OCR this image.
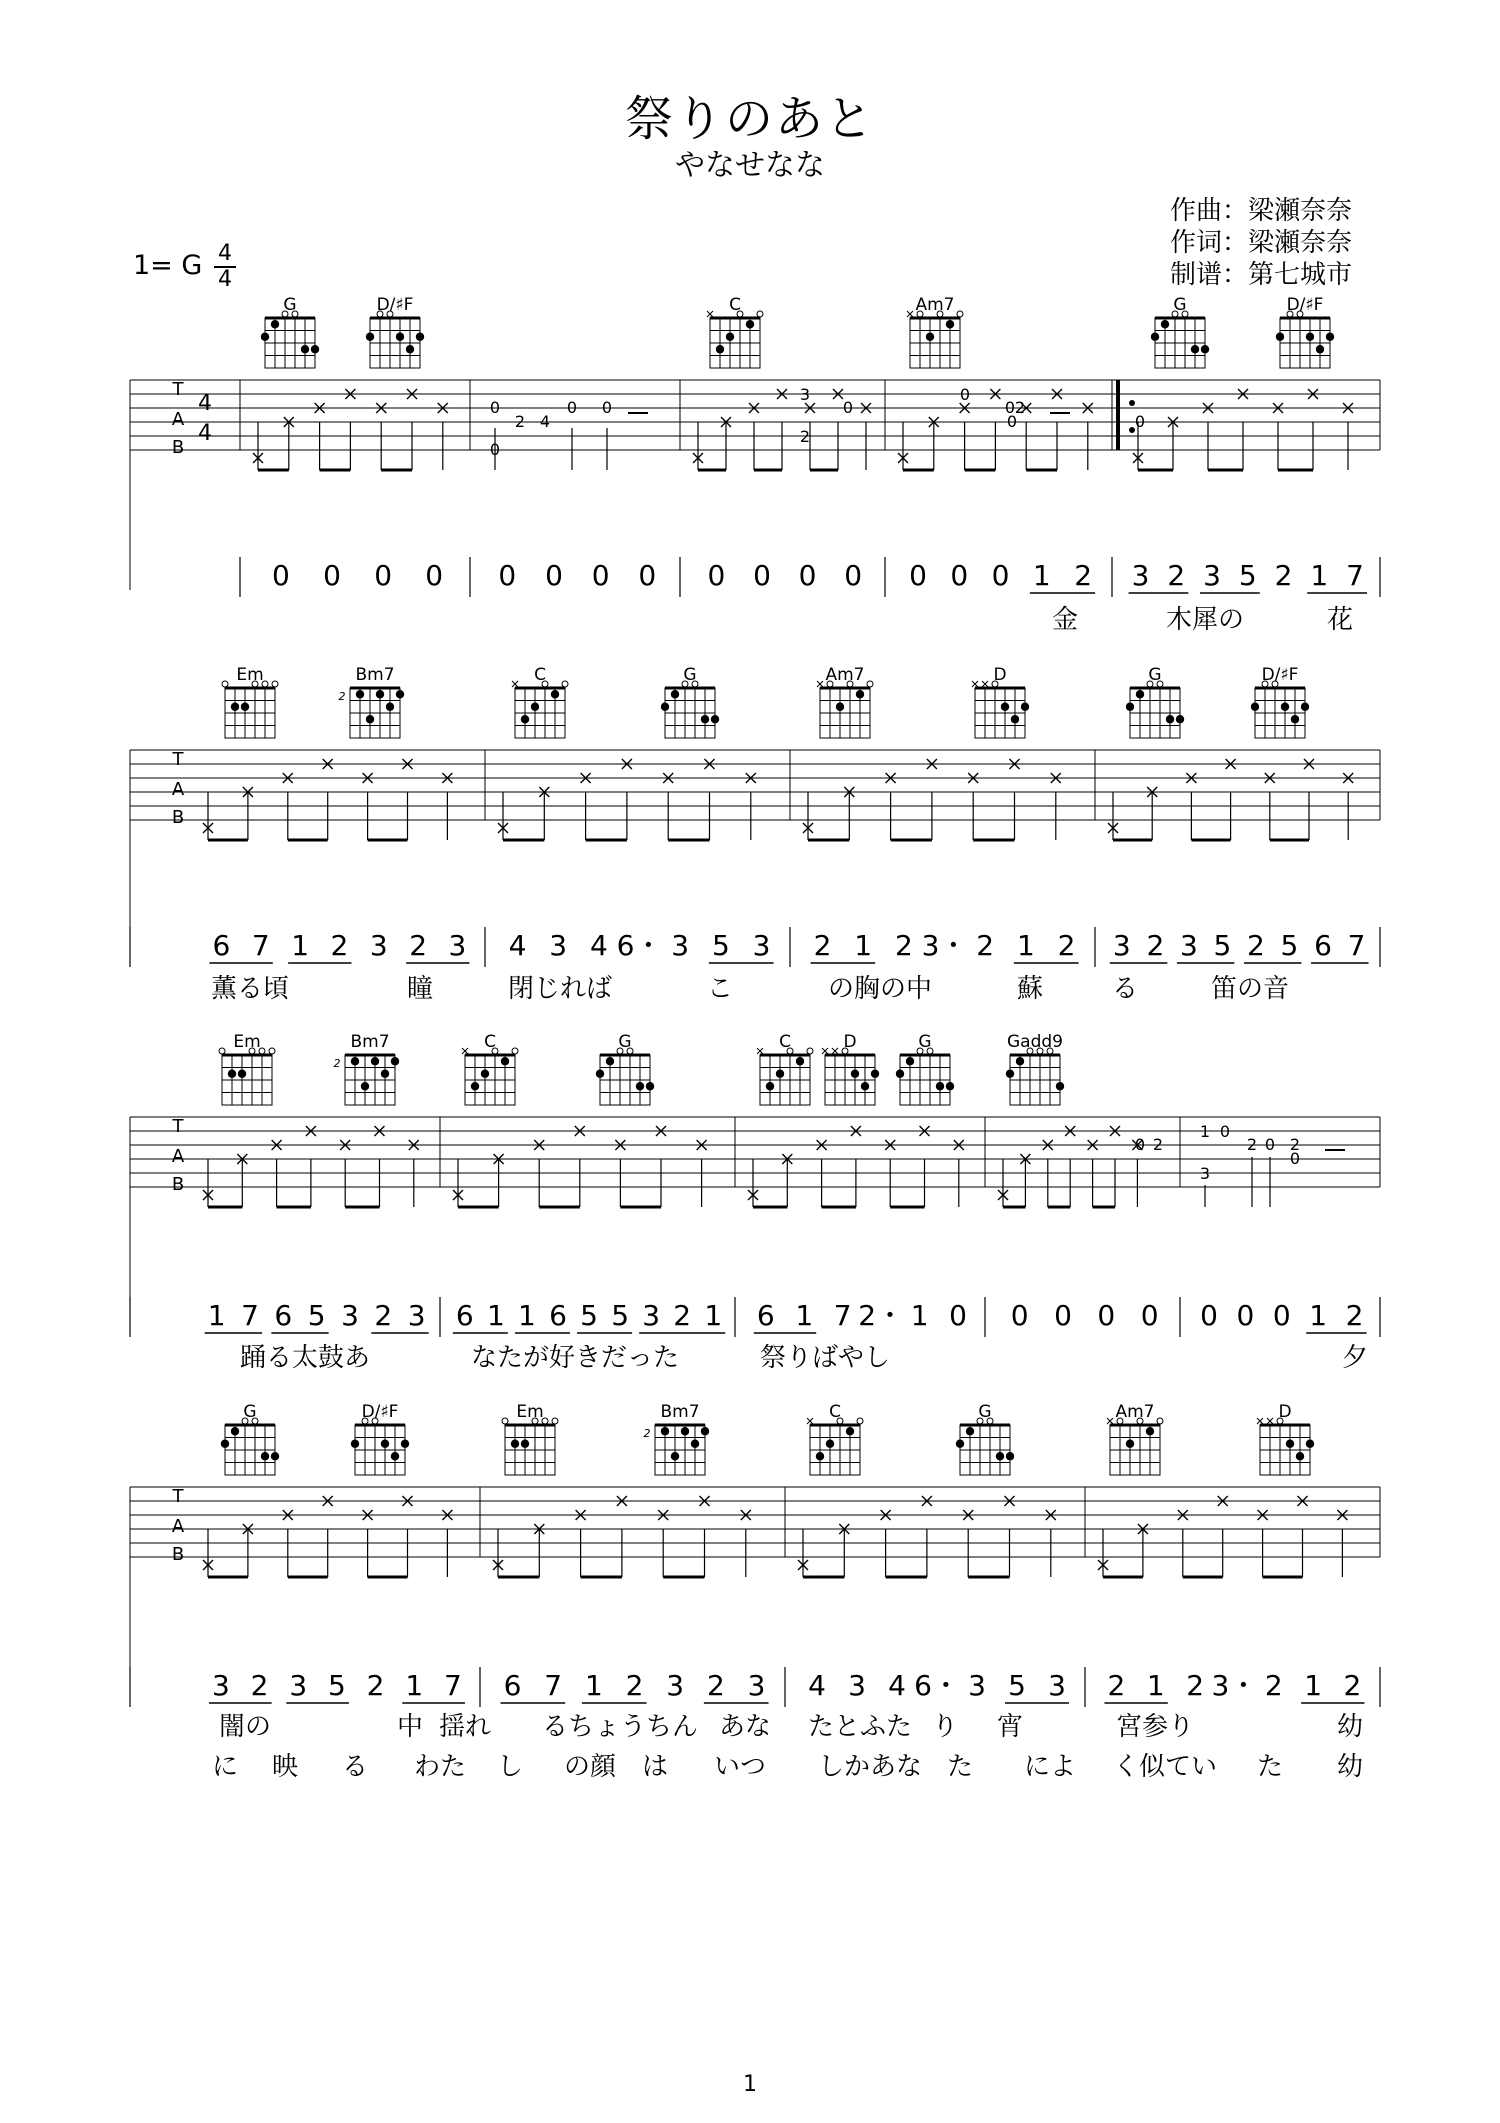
祭りのあと
やなせなな
作曲：梁瀬奈奈
作词：梁瀬奈奈
制谱：第七城市
1= G 4
4
G	D/♯F	C	Am7	G	D/♯F
T
A
B
4
4
0
2 4
0 0
0
3
2
0
0
0 2
0	0
0 0 0 0 0 0 0 0 0 0 0 0 0 0 0 1 2 3 2 3 5 2 1 7
金	木犀の	花
Em	Bm7
2
C	G	Am7	D	G	D/♯F
T
A
B
6 7 1 2 3 2 3 4 3 4 6・ 3 5 3 2 1 2 3・ 2 1 2 3 2 3 5 2 5 6 7
薫る頃	瞳	閉じれば	こ	の胸の中	蘇	る	笛の音
Em	Bm7
2
C	G	C	D	G	Gadd9
T
A
B
0 2
1 0
2 0 2
3
0
1 7 6 5 3 2 3 6 1 1 6 5 5 3 2 1 6 1 7 2・ 1 0 0 0 0 0 0 0 0 1 2
踊る太鼓あ	なたが好きだった	祭りばやし	夕
G	D/♯F	Em	Bm7
2
C	G	Am7	D
T
A
B
3 2 3 5 2 1 7 6 7 1 2 3 2 3 4 3 4 6・ 3 5 3 2 1 2 3・ 2 1 2
闇の	中 揺れ るちょうちん あな たとふた り 宵	宮参り	幼
に 映 る わた し の顔 は いつ しかあな た によ く似てい た 幼
1
